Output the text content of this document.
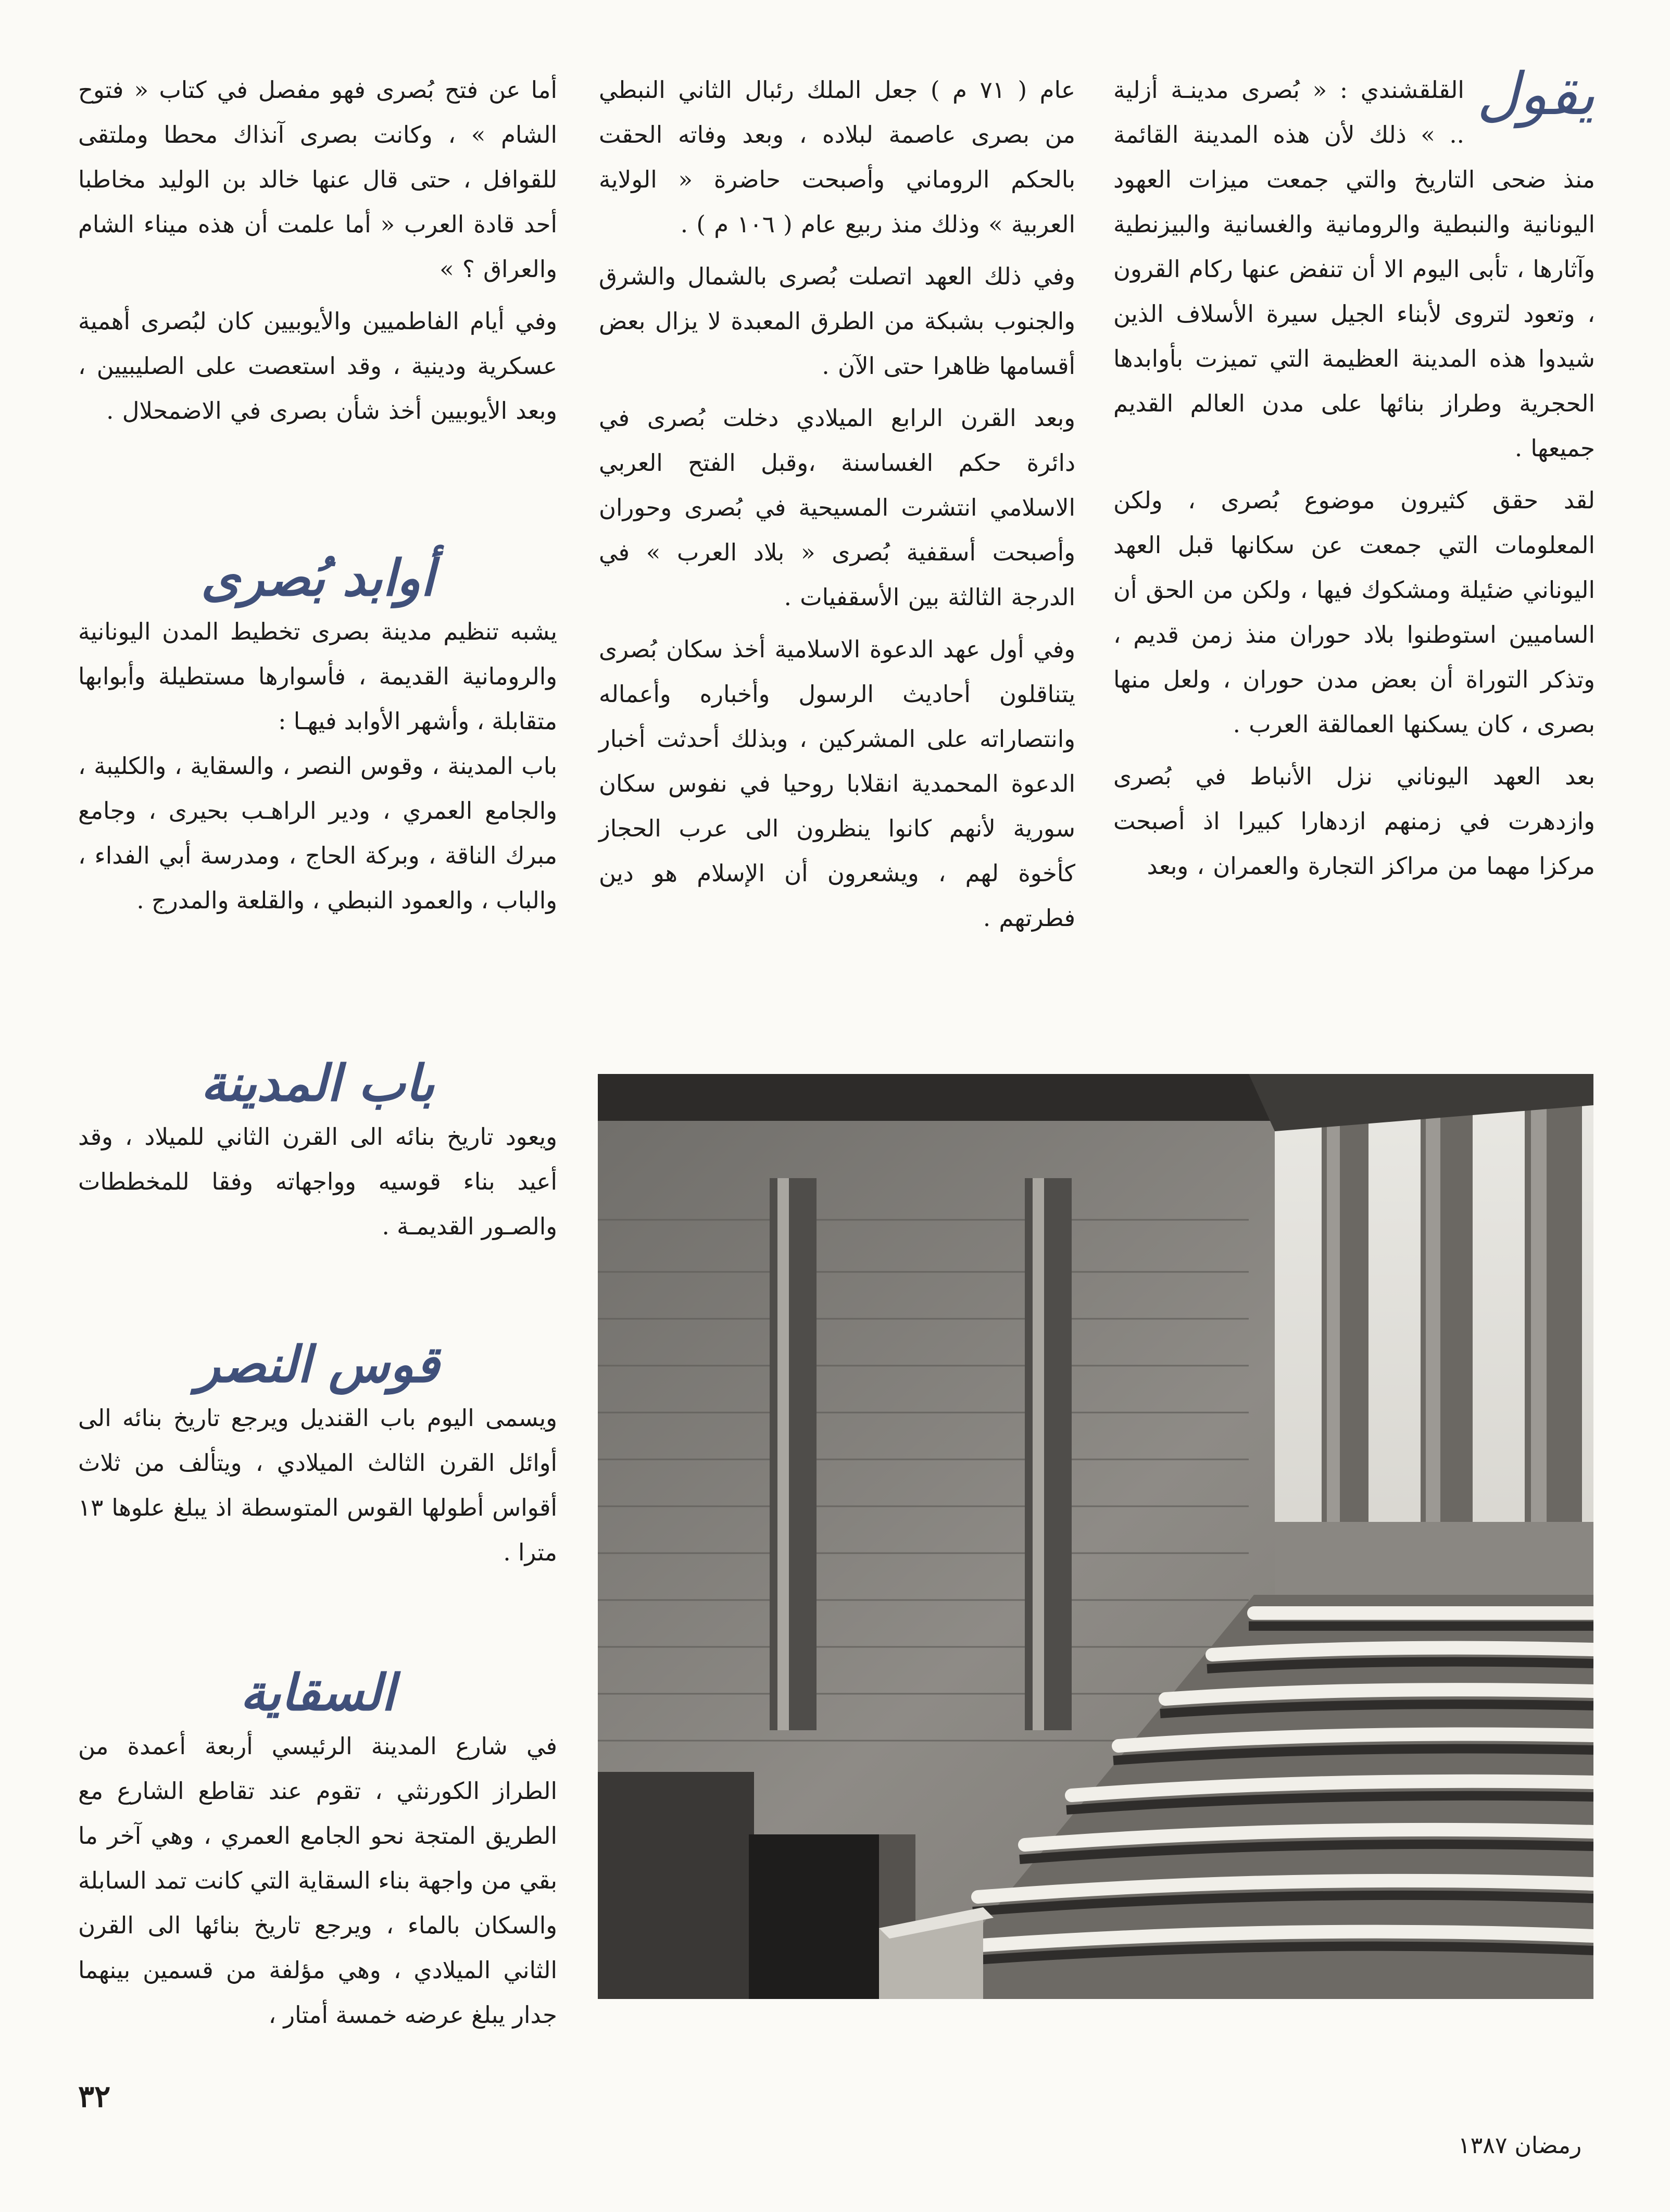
يقول

القلقشندي : « بُصرى مدينـة أزلية .. » ذلك لأن هذه المدينة القائمة منذ ضحى التاريخ والتي جمعت ميزات العهود اليونانية والنبطية والرومانية والغسانية والبيزنطية وآثارها ، تأبى اليوم الا أن تنفض عنها ركام القرون ، وتعود لتروى لأبناء الجيل سيرة الأسلاف الذين شيدوا هذه المدينة العظيمة التي تميزت بأوابدها الحجرية وطراز بنائها على مدن العالم القديم جميعها .

لقد حقق كثيرون موضوع بُصرى ، ولكن المعلومات التي جمعت عن سكانها قبل العهد اليوناني ضئيلة ومشكوك فيها ، ولكن من الحق أن الساميين استوطنوا بلاد حوران منذ زمن قديم ، وتذكر التوراة أن بعض مدن حوران ، ولعل منها بصرى ، كان يسكنها العمالقة العرب .

بعد العهد اليوناني نزل الأنباط في بُصرى وازدهرت في زمنهم ازدهارا كبيرا اذ أصبحت مركزا مهما من مراكز التجارة والعمران ، وبعد

عام ( ٧١ م ) جعل الملك رئبال الثاني النبطي من بصرى عاصمة لبلاده ، وبعد وفاته الحقت بالحكم الروماني وأصبحت حاضرة « الولاية العربية » وذلك منذ ربيع عام ( ١٠٦ م ) .

وفي ذلك العهد اتصلت بُصرى بالشمال والشرق والجنوب بشبكة من الطرق المعبدة لا يزال بعض أقسامها ظاهرا حتى الآن .

وبعد القرن الرابع الميلادي دخلت بُصرى في دائرة حكم الغساسنة ،وقبل الفتح العربي الاسلامي انتشرت المسيحية في بُصرى وحوران وأصبحت أسقفية بُصرى « بلاد العرب » في الدرجة الثالثة بين الأسقفيات .

وفي أول عهد الدعوة الاسلامية أخذ سكان بُصرى يتناقلون أحاديث الرسول وأخباره وأعماله وانتصاراته على المشركين ، وبذلك أحدثت أخبار الدعوة المحمدية انقلابا روحيا في نفوس سكان سورية لأنهم كانوا ينظرون الى عرب الحجاز كأخوة لهم ، ويشعرون أن الإسلام هو دين فطرتهم .

أما عن فتح بُصرى فهو مفصل في كتاب « فتوح الشام » ، وكانت بصرى آنذاك محطا وملتقى للقوافل ، حتى قال عنها خالد بن الوليد مخاطبا أحد قادة العرب « أما علمت أن هذه ميناء الشام والعراق ؟ »

وفي أيام الفاطميين والأيوبيين كان لبُصرى أهمية عسكرية ودينية ، وقد استعصت على الصليبيين ، وبعد الأيوبيين أخذ شأن بصرى في الاضمحلال .

أوابد بُصرى

يشبه تنظيم مدينة بصرى تخطيط المدن اليونانية والرومانية القديمة ، فأسوارها مستطيلة وأبوابها متقابلة ، وأشهر الأوابد فيهـا :

باب المدينة ، وقوس النصر ، والسقاية ، والكليبة ، والجامع العمري ، ودير الراهـب بحيرى ، وجامع مبرك الناقة ، وبركة الحاج ، ومدرسة أبي الفداء ، والباب ، والعمود النبطي ، والقلعة والمدرج .

باب المدينة

ويعود تاريخ بنائه الى القرن الثاني للميلاد ، وقد أعيد بناء قوسيه وواجهاته وفقا للمخططات والصـور القديمـة .

قوس النصر

ويسمى اليوم باب القنديل ويرجع تاريخ بنائه الى أوائل القرن الثالث الميلادي ، ويتألف من ثلاث أقواس أطولها القوس المتوسطة اذ يبلغ علوها ١٣ مترا .

السقاية

في شارع المدينة الرئيسي أربعة أعمدة من الطراز الكورنثي ، تقوم عند تقاطع الشارع مع الطريق المتجة نحو الجامع العمري ، وهي آخر ما بقي من واجهة بناء السقاية التي كانت تمد السابلة والسكان بالماء ، ويرجع تاريخ بنائها الى القرن الثاني الميلادي ، وهي مؤلفة من قسمين بينهما جدار يبلغ عرضه خمسة أمتار ،

٣٢
رمضان ١٣٨٧
